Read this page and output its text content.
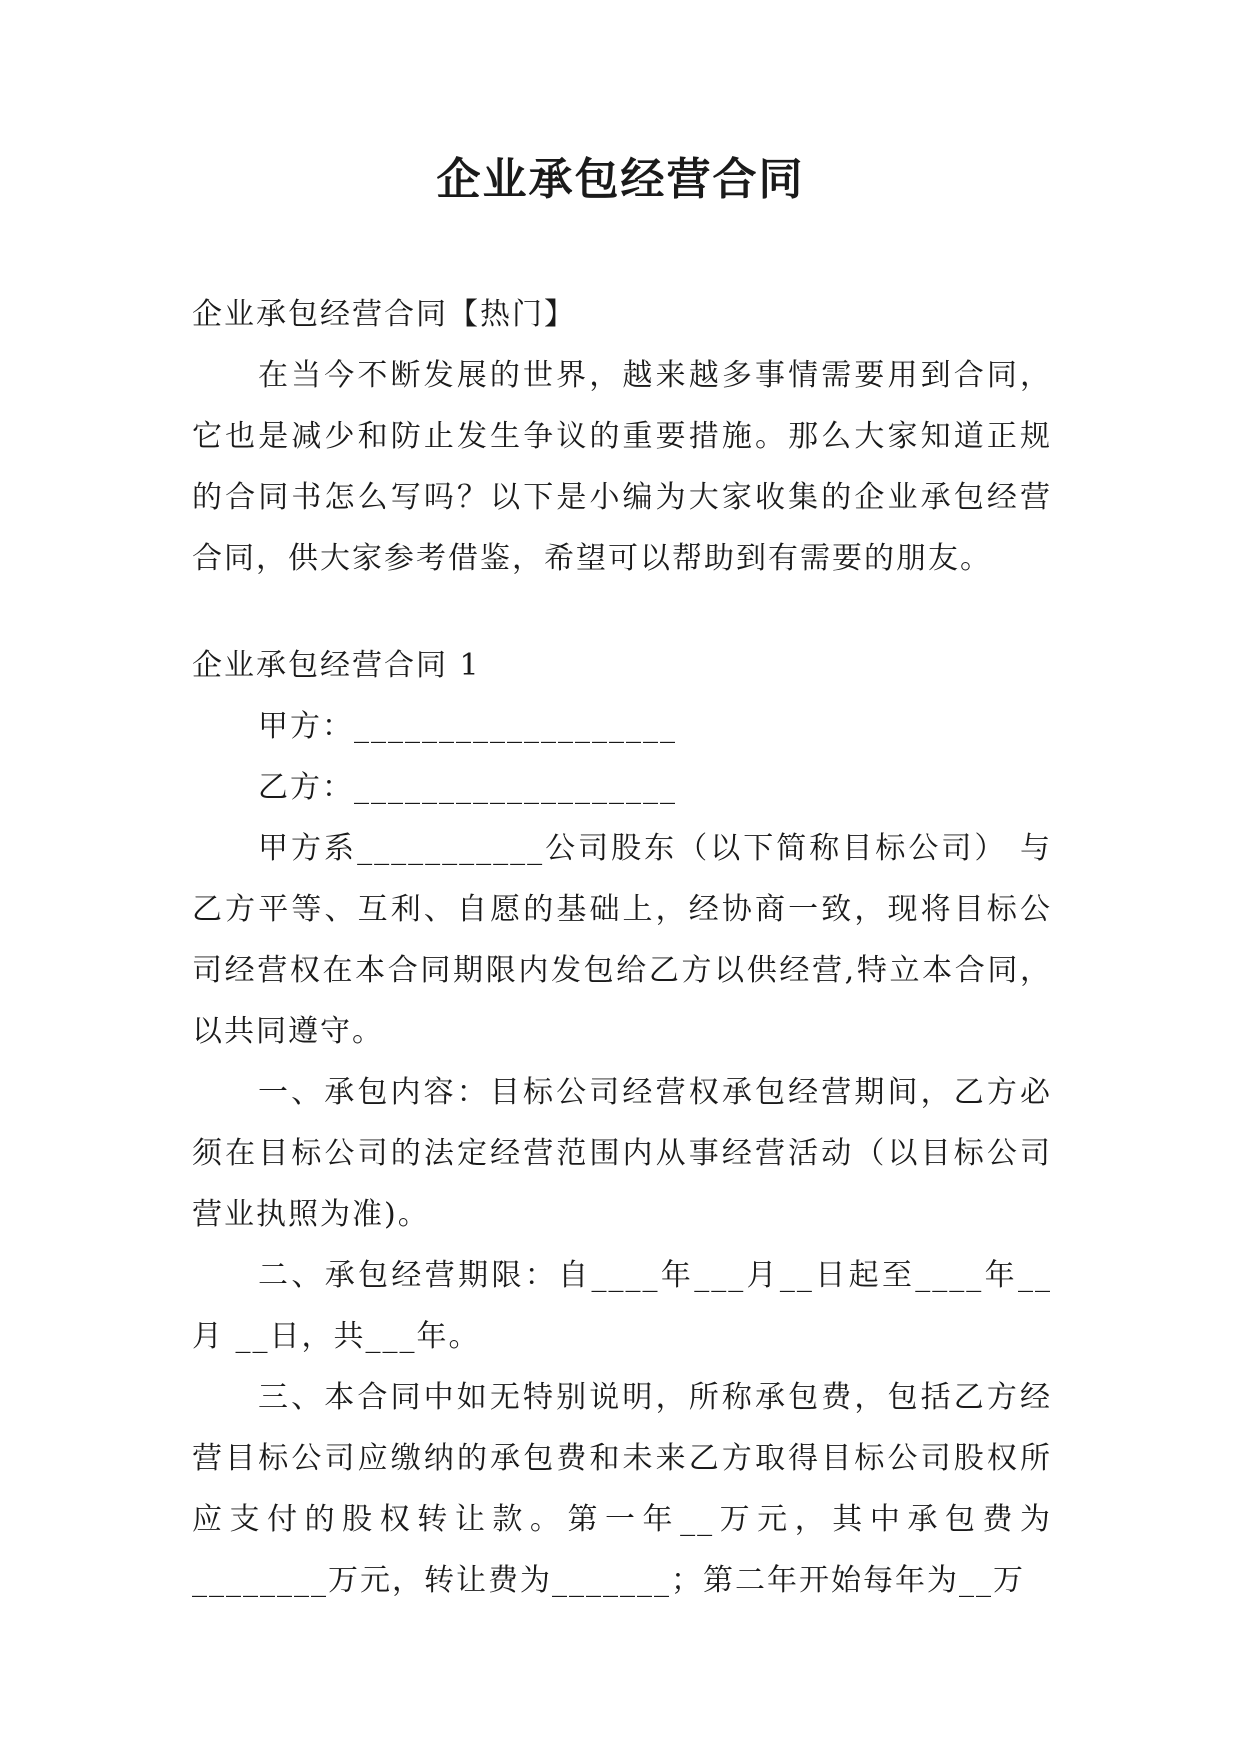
企业承包经营合同

企业承包经营合同【热门】

在当今不断发展的世界，越来越多事情需要用到合同，它也是减少和防止发生争议的重要措施。那么大家知道正规的合同书怎么写吗？以下是小编为大家收集的企业承包经营合同，供大家参考借鉴，希望可以帮助到有需要的朋友。

企业承包经营合同 1

甲方：___________________

乙方：___________________

甲方系___________公司股东（以下简称目标公司） 与乙方平等、互利、自愿的基础上，经协商一致，现将目标公司经营权在本合同期限内发包给乙方以供经营,特立本合同，以共同遵守。

一、承包内容：目标公司经营权承包经营期间，乙方必须在目标公司的法定经营范围内从事经营活动（以目标公司营业执照为准)。

二、承包经营期限：自____年___月__日起至____年__月 __日，共___年。

三、本合同中如无特别说明，所称承包费，包括乙方经营目标公司应缴纳的承包费和未来乙方取得目标公司股权所应支付的股权转让款。第一年__万元，其中承包费为________万元，转让费为_______；第二年开始每年为__万
